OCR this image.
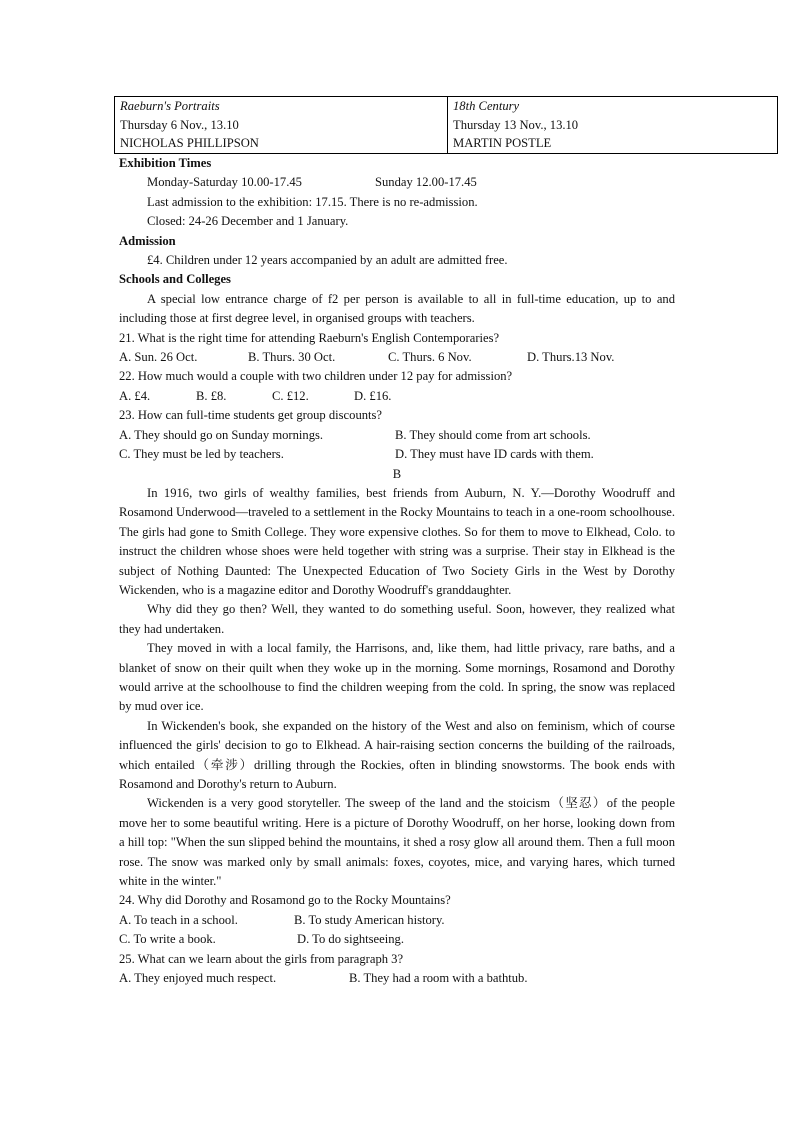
Raeburn's Portraits	18th Century
Thursday 6 Nov., 13.10	Thursday 13 Nov., 13.10
NICHOLAS PHILLIPSON	MARTIN POSTLE

Exhibition Times

Monday-Saturday 10.00-17.45	Sunday 12.00-17.45

Last admission to the exhibition: 17.15. There is no re-admission.

Closed: 24-26 December and 1 January.

Admission

£4. Children under 12 years accompanied by an adult are admitted free.

Schools and Colleges

A special low entrance charge of f2 per person is available to all in full-time education, up to and including those at first degree level, in organised groups with teachers.

21. What is the right time for attending Raeburn's English Contemporaries?

A. Sun. 26 Oct.	B. Thurs. 30 Oct.	C. Thurs. 6 Nov.	D. Thurs.13 Nov.

22. How much would a couple with two children under 12 pay for admission?

A. £4.	B. £8.	C. £12.	D. £16.

23. How can full-time students get group discounts?

A. They should go on Sunday mornings.	B. They should come from art schools.

C. They must be led by teachers.	D. They must have ID cards with them.

B

In 1916, two girls of wealthy families, best friends from Auburn, N. Y.—Dorothy Woodruff and Rosamond Underwood—traveled to a settlement in the Rocky Mountains to teach in a one-room schoolhouse. The girls had gone to Smith College. They wore expensive clothes. So for them to move to Elkhead, Colo. to instruct the children whose shoes were held together with string was a surprise. Their stay in Elkhead is the subject of Nothing Daunted: The Unexpected Education of Two Society Girls in the West by Dorothy Wickenden, who is a magazine editor and Dorothy Woodruff's granddaughter.

Why did they go then? Well, they wanted to do something useful. Soon, however, they realized what they had undertaken.

They moved in with a local family, the Harrisons, and, like them, had little privacy, rare baths, and a blanket of snow on their quilt when they woke up in the morning. Some mornings, Rosamond and Dorothy would arrive at the schoolhouse to find the children weeping from the cold. In spring, the snow was replaced by mud over ice.

In Wickenden's book, she expanded on the history of the West and also on feminism, which of course influenced the girls' decision to go to Elkhead. A hair-raising section concerns the building of the railroads, which entailed（牵涉）drilling through the Rockies, often in blinding snowstorms. The book ends with Rosamond and Dorothy's return to Auburn.

Wickenden is a very good storyteller. The sweep of the land and the stoicism（坚忍）of the people move her to some beautiful writing. Here is a picture of Dorothy Woodruff, on her horse, looking down from a hill top: "When the sun slipped behind the mountains, it shed a rosy glow all around them. Then a full moon rose. The snow was marked only by small animals: foxes, coyotes, mice, and varying hares, which turned white in the winter."

24. Why did Dorothy and Rosamond go to the Rocky Mountains?

A. To teach in a school.	B. To study American history.

C. To write a book.	D. To do sightseeing.

25. What can we learn about the girls from paragraph 3?

A. They enjoyed much respect.	B. They had a room with a bathtub.
